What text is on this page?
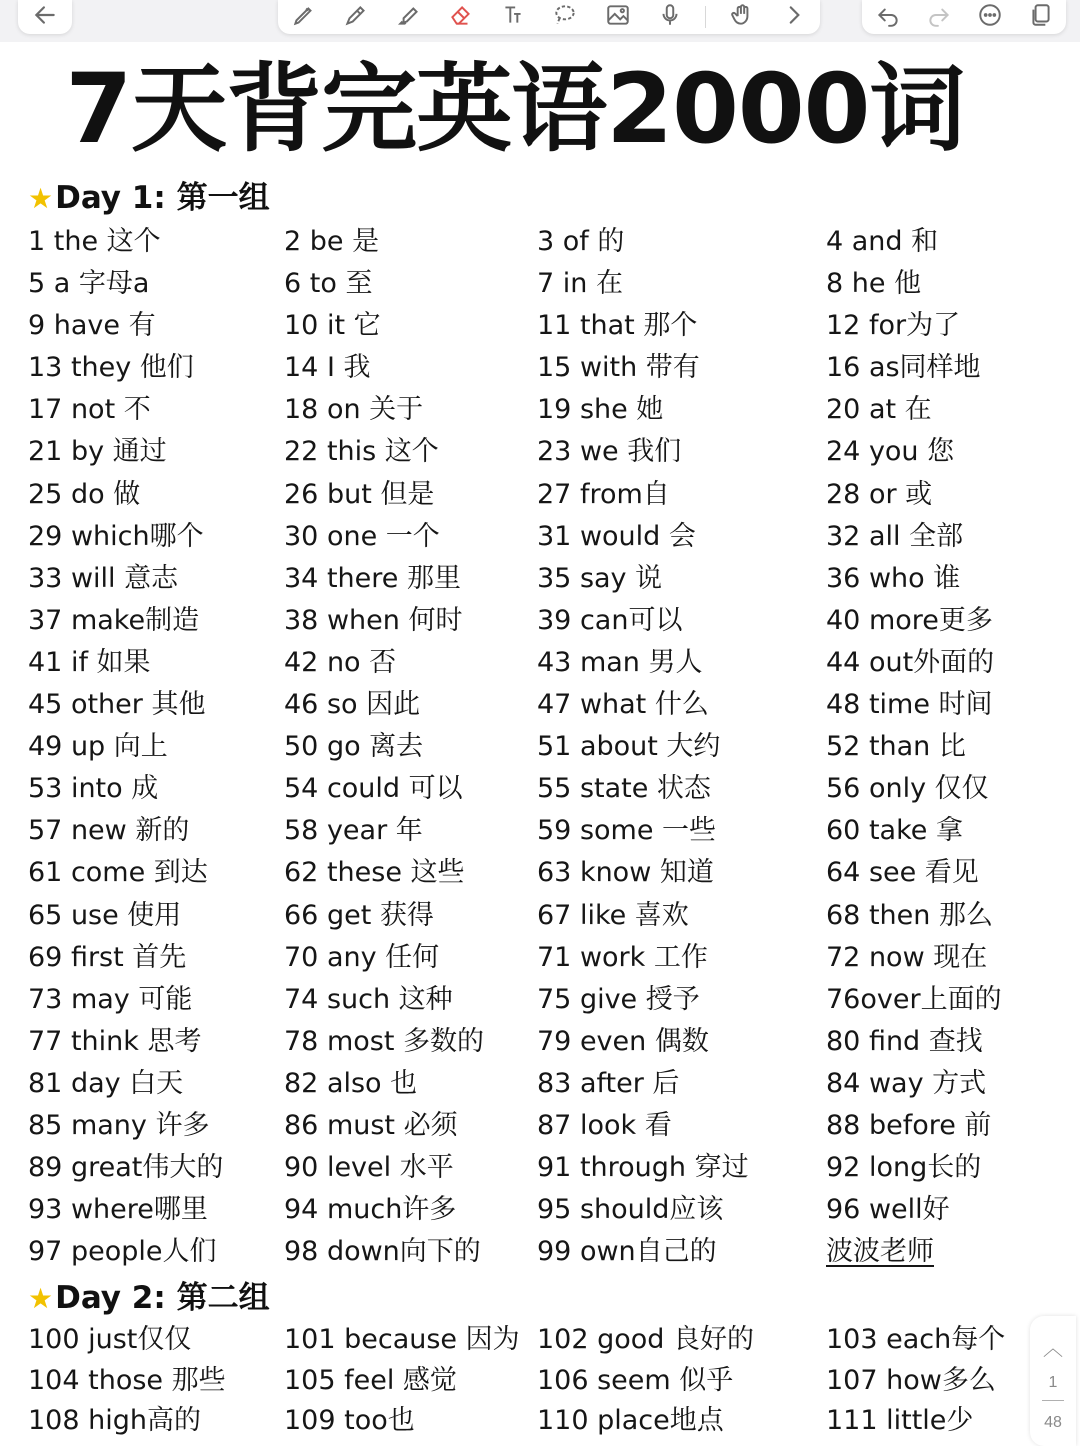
7天背完英语2000词
★Day 1: 第一组
1 the 这个	2 be 是	3 of 的	4 and 和
5 a 字母a	6 to 至	7 in 在	8 he 他
9 have 有	10 it 它	11 that 那个	12 for为了
13 they 他们	14 I 我	15 with 带有	16 as同样地
17 not 不	18 on 关于	19 she 她	20 at 在
21 by 通过	22 this 这个	23 we 我们	24 you 您
25 do 做	26 but 但是	27 from自	28 or 或
29 which哪个	30 one 一个	31 would 会	32 all 全部
33 will 意志	34 there 那里	35 say 说	36 who 谁
37 make制造	38 when 何时	39 can可以	40 more更多
41 if 如果	42 no 否	43 man 男人	44 out外面的
45 other 其他	46 so 因此	47 what 什么	48 time 时间
49 up 向上	50 go 离去	51 about 大约	52 than 比
53 into 成	54 could 可以	55 state 状态	56 only 仅仅
57 new 新的	58 year 年	59 some 一些	60 take 拿
61 come 到达	62 these 这些	63 know 知道	64 see 看见
65 use 使用	66 get 获得	67 like 喜欢	68 then 那么
69 first 首先	70 any 任何	71 work 工作	72 now 现在
73 may 可能	74 such 这种	75 give 授予	76over上面的
77 think 思考	78 most 多数的 79 even 偶数	80 find 查找
81 day 白天	82 also 也	83 after 后	84 way 方式
85 many 许多	86 must 必须	87 look 看	88 before 前
89 great伟大的 90 level 水平	91 through 穿过	92 long长的
93 where哪里	94 much许多	95 should应该	96 well好
97 people人们	98 down向下的 99 own自己的	波波老师
★Day 2: 第二组
100 just仅仅	101 because 因为 102 good 良好的	103 each每个
104 those 那些 105 feel 感觉	106 seem 似乎	107 how多么
108 high高的	109 too也	110 place地点	111 little少
︿
1
48
